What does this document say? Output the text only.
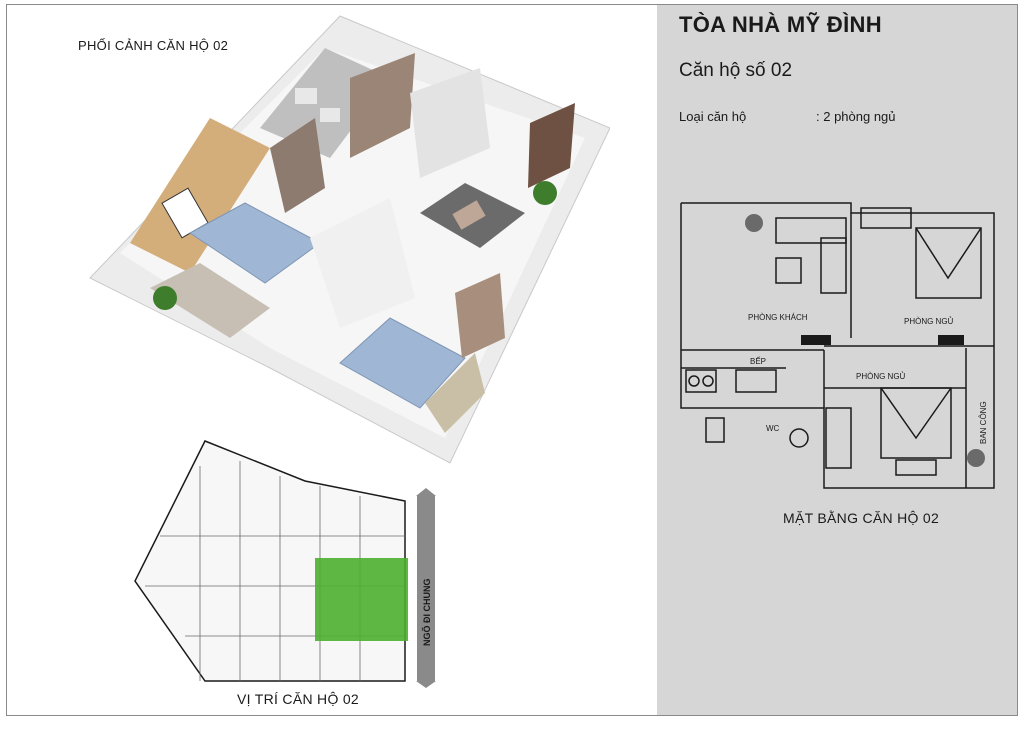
TÒA NHÀ MỸ ĐÌNH
Căn hộ số 02
Loại căn hộ	: 2 phòng ngủ
PHỐI CẢNH CĂN HỘ 02
PHÒNG KHÁCH	PHÒNG NGỦ
PHÒNG NGỦ
BẾP
WC	BAN CÔNG
MẶT BẰNG CĂN HỘ 02
NGÕ ĐI CHUNG
VỊ TRÍ CĂN HỘ 02
